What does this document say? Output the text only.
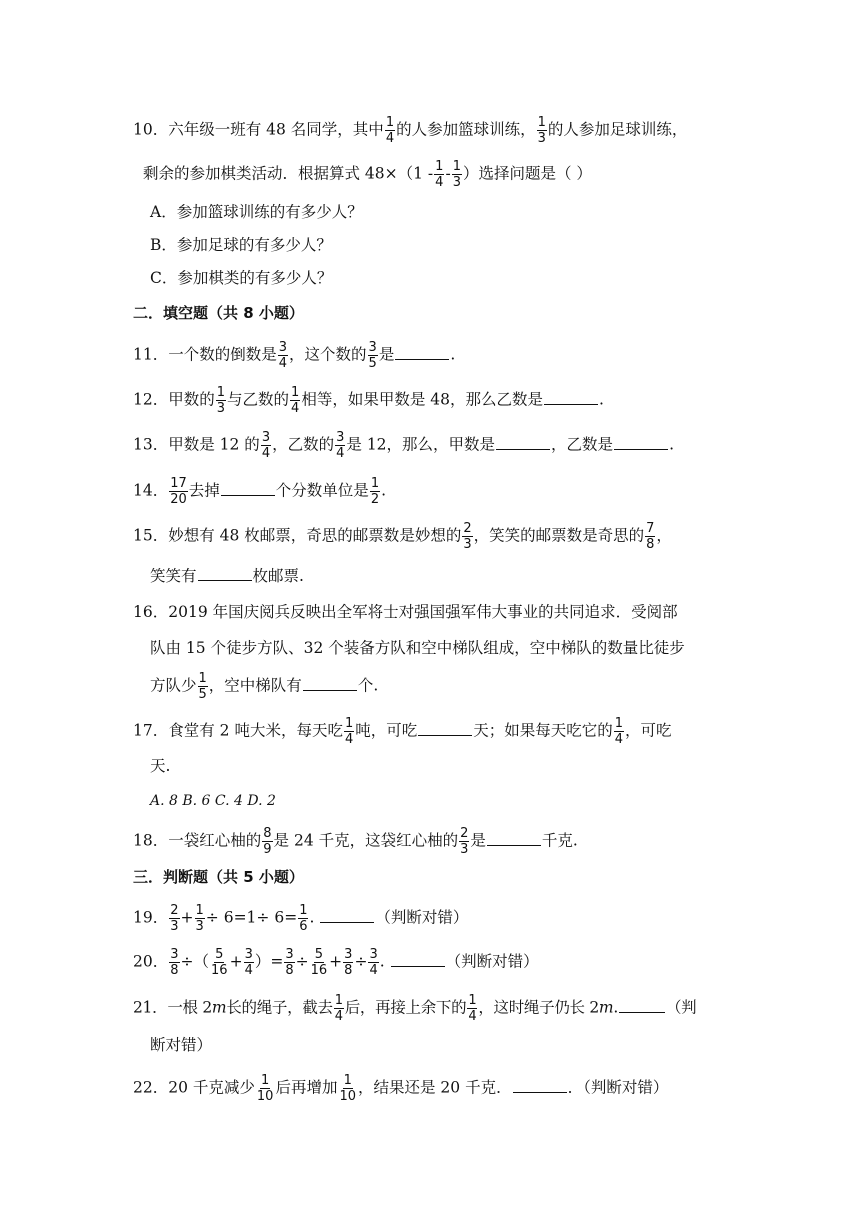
10．六年级一班有 48 名同学，其中 $\frac{1}{4}$ 的人参加篮球训练， $\frac{1}{3}$ 的人参加足球训练，
剩余的参加棋类活动．根据算式 $48\times(1 - \frac{1}{4} - \frac{1}{3}$ ）选择问题是（ ）
A．参加篮球训练的有多少人？
B．参加足球的有多少人？
C．参加棋类的有多少人？
二．填空题（共 8 小题）
11．一个数的倒数是 $\frac{3}{4}$ ，这个数的 $\frac{3}{5}$ 是	.
12．甲数的 $\frac{1}{3}$ 与乙数的 $\frac{1}{4}$ 相等，如果甲数是 48，那么乙数是	.
13．甲数是 12 的 $\frac{3}{4}$ ，乙数的 $\frac{3}{4}$ 是 12，那么，甲数是	，乙数是	.
14． $\frac{17}{20}$ 去掉	个分数单位是 $\frac{1}{2}$ .
15．妙想有 48 枚邮票，奇思的邮票数是妙想的 $\frac{2}{3}$ ，笑笑的邮票数是奇思的 $\frac{7}{8}$ ，
笑笑有	枚邮票.
16．2019 年国庆阅兵反映出全军将士对强国强军伟大事业的共同追求．受阅部
队由 15 个徒步方队、32 个装备方队和空中梯队组成，空中梯队的数量比徒步
方队少 $\frac{1}{5}$ ，空中梯队有	个.
17．食堂有 2 吨大米，每天吃 $\frac{1}{4}$ 吨，可吃	天；如果每天吃它的 $\frac{1}{4}$ ，可吃
天.
A. 8 B. 6 C. 4 D. 2
18．一袋红心柚的 $\frac{8}{9}$ 是 24 千克，这袋红心柚的 $\frac{2}{3}$ 是	千克.
三．判断题（共 5 小题）
19． $\frac{2}{3} + \frac{1}{3} \div 6=1\div 6= \frac{1}{6}$ .	（判断对错）
20． $\frac{3}{8}$ ÷（ $\frac{5}{16} + \frac{3}{4}$ ）= $\frac{3}{8} \div \frac{5}{16} + \frac{3}{8} \div \frac{3}{4}$ .	（判断对错）
21．一根 2m长的绳子，截去 $\frac{1}{4}$ 后，再接上余下的 $\frac{1}{4}$ ，这时绳子仍长 2m.	（判
断对错）
22．20 千克减少 $\frac{1}{10}$ 后再增加 $\frac{1}{10}$ ，结果还是 20 千克．	．（判断对错）
